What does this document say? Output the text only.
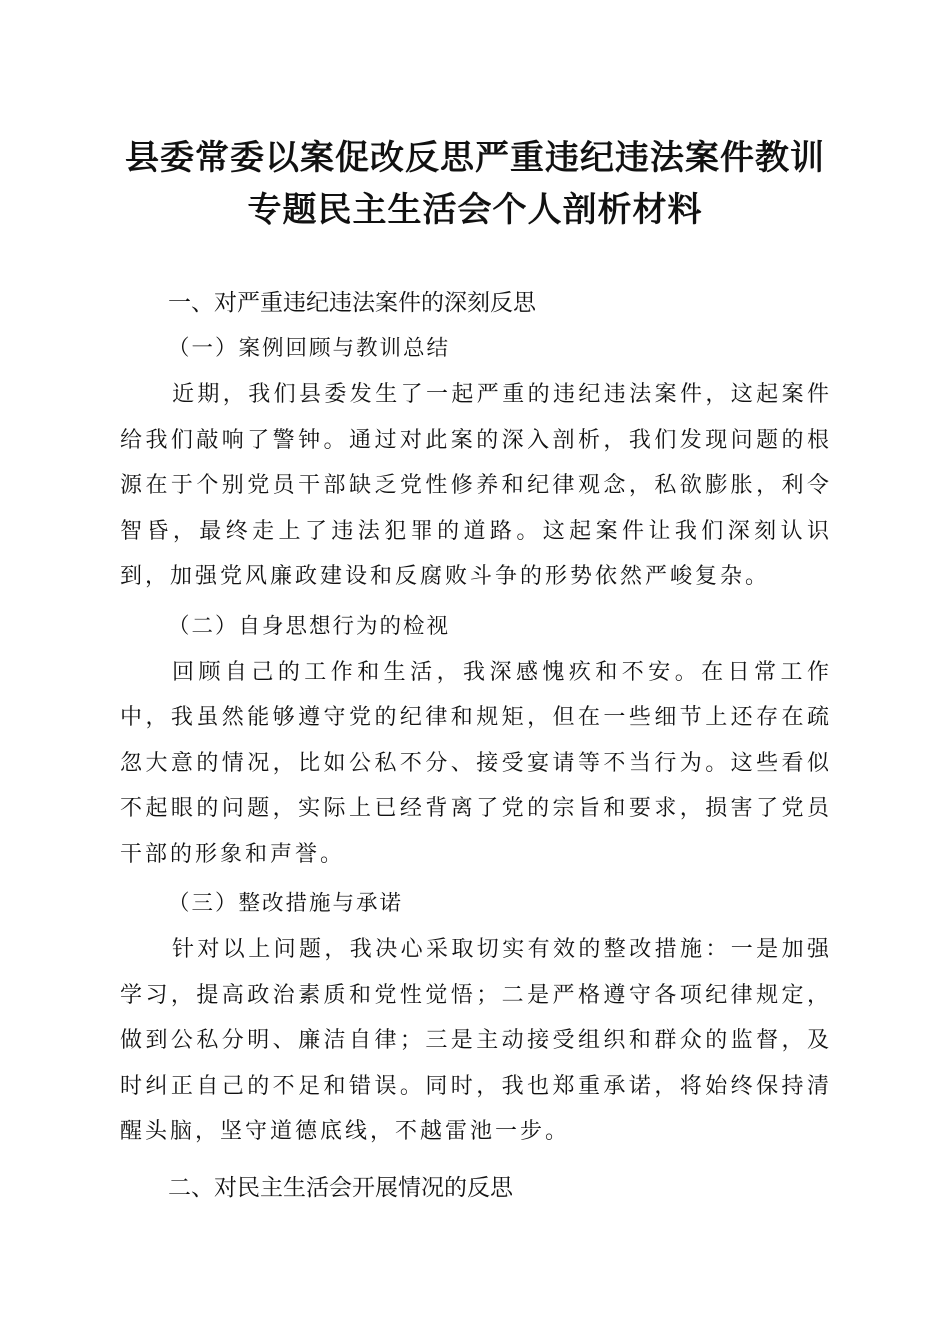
县委常委以案促改反思严重违纪违法案件教训
专题民主生活会个人剖析材料
一、对严重违纪违法案件的深刻反思
（一）案例回顾与教训总结

近期，我们县委发生了一起严重的违纪违法案件，这起案件给我们敲响了警钟。通过对此案的深入剖析，我们发现问题的根源在于个别党员干部缺乏党性修养和纪律观念，私欲膨胀，利令智昏，最终走上了违法犯罪的道路。这起案件让我们深刻认识到，加强党风廉政建设和反腐败斗争的形势依然严峻复杂。

（二）自身思想行为的检视

回顾自己的工作和生活，我深感愧疚和不安。在日常工作中，我虽然能够遵守党的纪律和规矩，但在一些细节上还存在疏忽大意的情况，比如公私不分、接受宴请等不当行为。这些看似不起眼的问题，实际上已经背离了党的宗旨和要求，损害了党员干部的形象和声誉。

（三）整改措施与承诺

针对以上问题，我决心采取切实有效的整改措施：一是加强学习，提高政治素质和党性觉悟；二是严格遵守各项纪律规定，做到公私分明、廉洁自律；三是主动接受组织和群众的监督，及时纠正自己的不足和错误。同时，我也郑重承诺，将始终保持清醒头脑，坚守道德底线，不越雷池一步。

二、对民主生活会开展情况的反思
